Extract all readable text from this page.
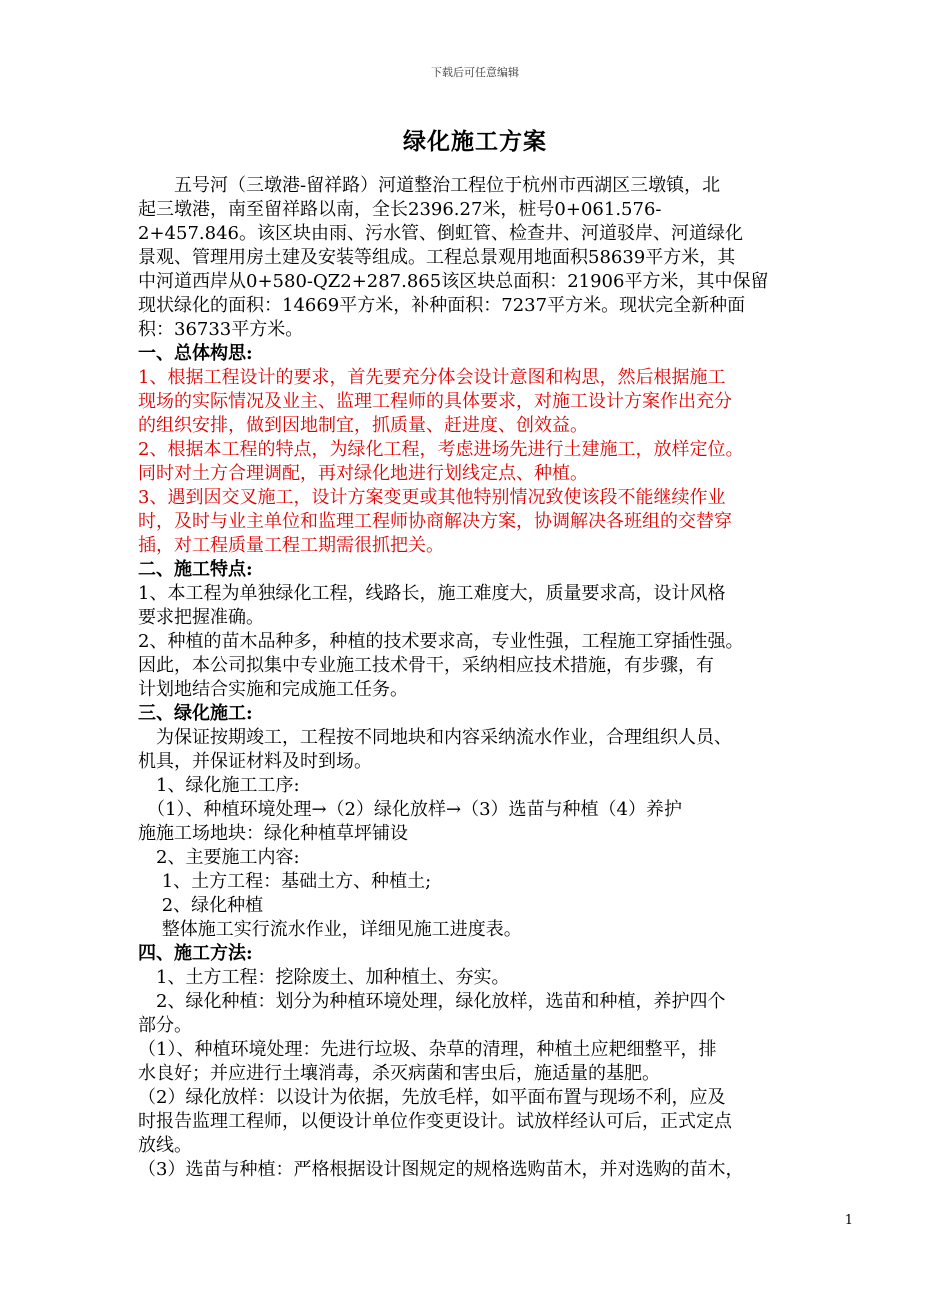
下载后可任意编辑
绿化施工方案
　　五号河（三墩港-留祥路）河道整治工程位于杭州市西湖区三墩镇，北
起三墩港，南至留祥路以南，全长2396.27米，桩号0+061.576-
2+457.846。该区块由雨、污水管、倒虹管、检查井、河道驳岸、河道绿化
景观、管理用房土建及安装等组成。工程总景观用地面积58639平方米，其
中河道西岸从0+580-QZ2+287.865该区块总面积：21906平方米，其中保留
现状绿化的面积：14669平方米，补种面积：7237平方米。现状完全新种面
积：36733平方米。
一、总体构思:
1、根据工程设计的要求，首先要充分体会设计意图和构思，然后根据施工
现场的实际情况及业主、监理工程师的具体要求，对施工设计方案作出充分
的组织安排，做到因地制宜，抓质量、赶进度、创效益。
2、根据本工程的特点，为绿化工程，考虑进场先进行土建施工，放样定位。
同时对土方合理调配，再对绿化地进行划线定点、种植。
3、遇到因交叉施工，设计方案变更或其他特别情况致使该段不能继续作业
时，及时与业主单位和监理工程师协商解决方案，协调解决各班组的交替穿
插，对工程质量工程工期需很抓把关。
二、施工特点:
1、本工程为单独绿化工程，线路长，施工难度大，质量要求高，设计风格
要求把握准确。
2、种植的苗木品种多，种植的技术要求高，专业性强，工程施工穿插性强。
因此，本公司拟集中专业施工技术骨干，采纳相应技术措施，有步骤，有
计划地结合实施和完成施工任务。
三、绿化施工:
　为保证按期竣工，工程按不同地块和内容采纳流水作业，合理组织人员、
机具，并保证材料及时到场。
　1、绿化施工工序:
　（1）、种植环境处理→（2）绿化放样→（3）选苗与种植（4）养护
施施工场地块：绿化种植草坪铺设
　2、主要施工内容:
　 1、土方工程：基础土方、种植土;
　 2、绿化种植
　 整体施工实行流水作业，详细见施工进度表。
四、施工方法:
　1、土方工程：挖除废土、加种植土、夯实。
　2、绿化种植：划分为种植环境处理，绿化放样，选苗和种植，养护四个
部分。
（1）、种植环境处理：先进行垃圾、杂草的清理，种植土应耙细整平，排
水良好；并应进行土壤消毒，杀灭病菌和害虫后，施适量的基肥。
（2）绿化放样：以设计为依据，先放毛样，如平面布置与现场不利，应及
时报告监理工程师，以便设计单位作变更设计。试放样经认可后，正式定点
放线。
（3）选苗与种植：严格根据设计图规定的规格选购苗木，并对选购的苗木，
1
